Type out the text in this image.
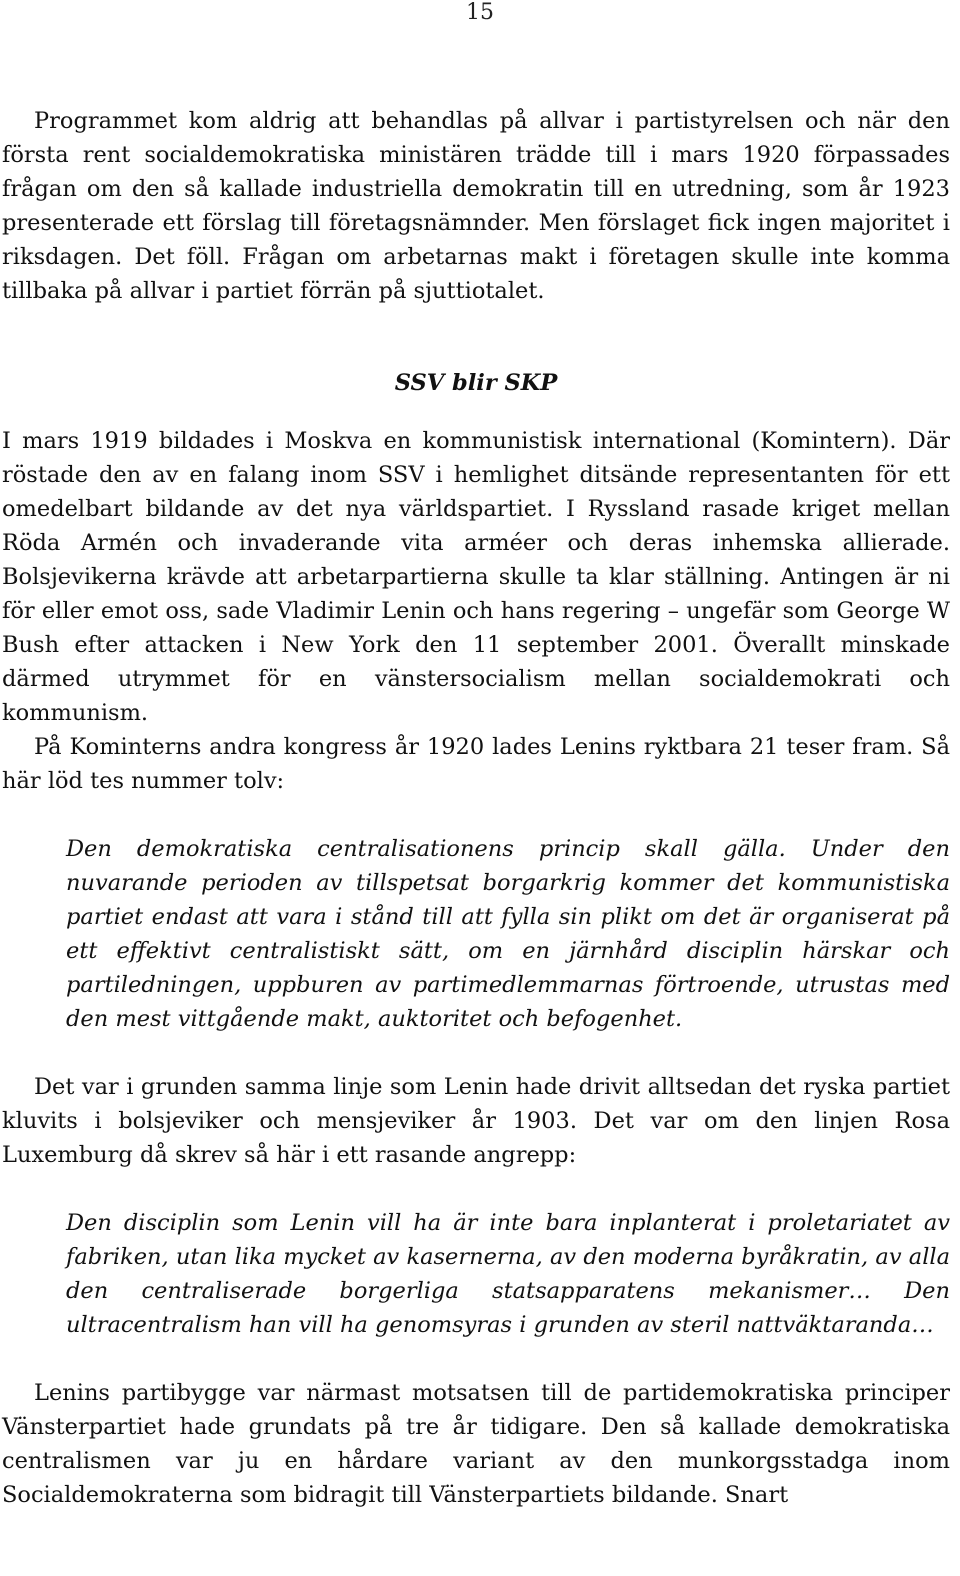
15

Programmet kom aldrig att behandlas på allvar i partistyrelsen och när den första rent socialdemokratiska ministären trädde till i mars 1920 förpassades frågan om den så kallade industriella demokratin till en utredning, som år 1923 presenterade ett förslag till företagsnämnder. Men förslaget fick ingen majoritet i riksdagen. Det föll. Frågan om arbetarnas makt i företagen skulle inte komma tillbaka på allvar i partiet förrän på sjuttiotalet.

SSV blir SKP

I mars 1919 bildades i Moskva en kommunistisk international (Komintern). Där röstade den av en falang inom SSV i hemlighet ditsände representanten för ett omedelbart bildande av det nya världspartiet. I Ryssland rasade kriget mellan Röda Armén och invaderande vita arméer och deras inhemska allierade. Bolsjevikerna krävde att arbetarpartierna skulle ta klar ställning. Antingen är ni för eller emot oss, sade Vladimir Lenin och hans regering – ungefär som George W Bush efter attacken i New York den 11 september 2001. Överallt minskade därmed utrymmet för en vänstersocialism mellan socialdemokrati och kommunism.

På Kominterns andra kongress år 1920 lades Lenins ryktbara 21 teser fram. Så här löd tes nummer tolv:

Den demokratiska centralisationens princip skall gälla. Under den nuvarande perioden av tillspetsat borgarkrig kommer det kommunistiska partiet endast att vara i stånd till att fylla sin plikt om det är organiserat på ett effektivt centralistiskt sätt, om en järnhård disciplin härskar och partiledningen, uppburen av partimedlemmarnas förtroende, utrustas med den mest vittgående makt, auktoritet och befogenhet.

Det var i grunden samma linje som Lenin hade drivit alltsedan det ryska partiet kluvits i bolsjeviker och mensjeviker år 1903. Det var om den linjen Rosa Luxemburg då skrev så här i ett rasande angrepp:

Den disciplin som Lenin vill ha är inte bara inplanterat i proletariatet av fabriken, utan lika mycket av kasernerna, av den moderna byråkratin, av alla den centraliserade borgerliga statsapparatens mekanismer… Den ultracentralism han vill ha genomsyras i grunden av steril nattväktaranda…

Lenins partibygge var närmast motsatsen till de partidemokratiska principer Vänsterpartiet hade grundats på tre år tidigare. Den så kallade demokratiska centralismen var ju en hårdare variant av den munkorgsstadga inom Socialdemokraterna som bidragit till Vänsterpartiets bildande. Snart
